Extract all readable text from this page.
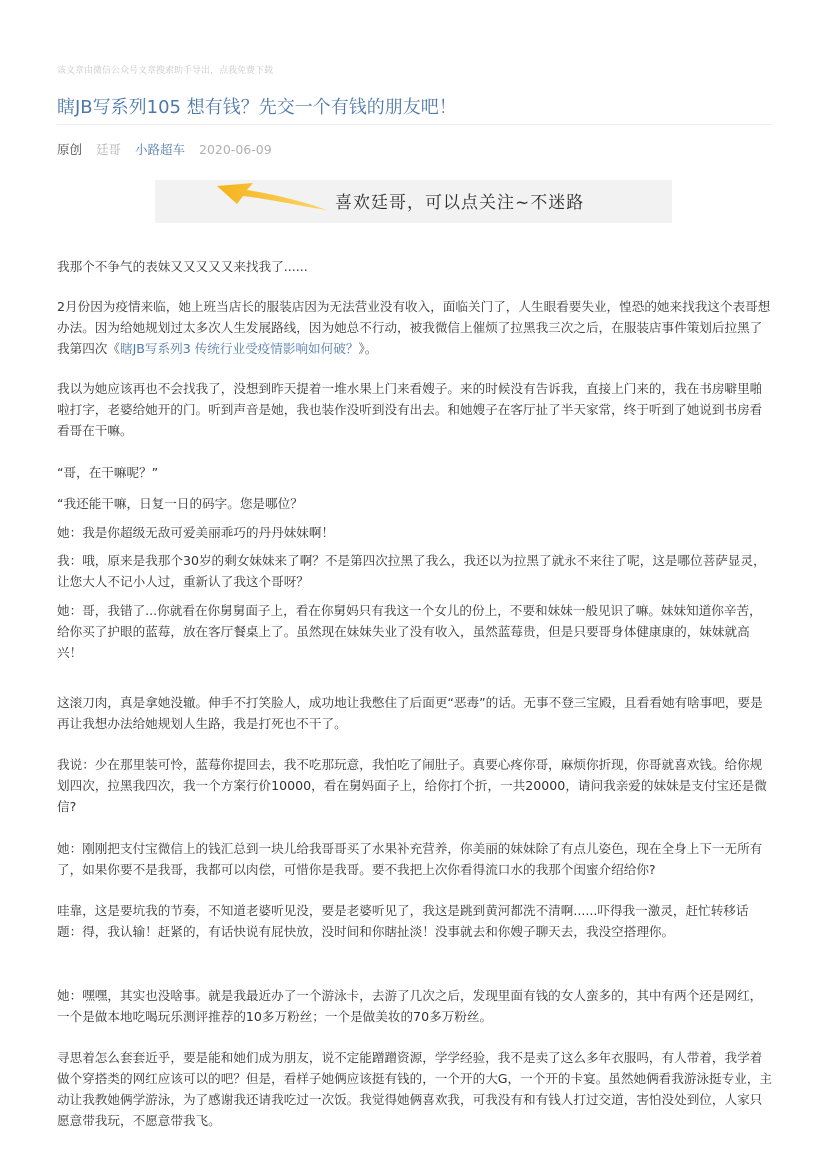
该文章由微信公众号文章搜索助手导出，点我免费下载
瞎JB写系列105 想有钱？先交一个有钱的朋友吧！
原创 廷哥 小路超车 2020-06-09
喜欢廷哥，可以点关注~不迷路

我那个不争气的表妹又又又又又来找我了......

2月份因为疫情来临，她上班当店长的服装店因为无法营业没有收入，面临关门了，人生眼看要失业，惶恐的她来找我这个表哥想办法。因为给她规划过太多次人生发展路线，因为她总不行动，被我微信上催烦了拉黑我三次之后，在服装店事件策划后拉黑了我第四次《瞎JB写系列3 传统行业受疫情影响如何破？》。

我以为她应该再也不会找我了，没想到昨天提着一堆水果上门来看嫂子。来的时候没有告诉我，直接上门来的，我在书房噼里啪啦打字，老婆给她开的门。听到声音是她，我也装作没听到没有出去。和她嫂子在客厅扯了半天家常，终于听到了她说到书房看看哥在干嘛。

“哥，在干嘛呢？”

“我还能干嘛，日复一日的码字。您是哪位？

她：我是你超级无敌可爱美丽乖巧的丹丹妹妹啊！

我：哦，原来是我那个30岁的剩女妹妹来了啊？不是第四次拉黑了我么，我还以为拉黑了就永不来往了呢，这是哪位菩萨显灵，让您大人不记小人过，重新认了我这个哥呀？

她：哥，我错了...你就看在你舅舅面子上，看在你舅妈只有我这一个女儿的份上，不要和妹妹一般见识了嘛。妹妹知道你辛苦，给你买了护眼的蓝莓，放在客厅餐桌上了。虽然现在妹妹失业了没有收入，虽然蓝莓贵，但是只要哥身体健康康的，妹妹就高兴！

这滚刀肉，真是拿她没辙。伸手不打笑脸人，成功地让我憋住了后面更“恶毒”的话。无事不登三宝殿，且看看她有啥事吧，要是再让我想办法给她规划人生路，我是打死也不干了。

我说：少在那里装可怜，蓝莓你提回去，我不吃那玩意，我怕吃了闹肚子。真要心疼你哥，麻烦你折现，你哥就喜欢钱。给你规划四次，拉黑我四次，我一个方案行价10000，看在舅妈面子上，给你打个折，一共20000，请问我亲爱的妹妹是支付宝还是微信?

她：刚刚把支付宝微信上的钱汇总到一块儿给我哥哥买了水果补充营养，你美丽的妹妹除了有点儿姿色，现在全身上下一无所有了，如果你要不是我哥，我都可以肉偿，可惜你是我哥。要不我把上次你看得流口水的我那个闺蜜介绍给你?

哇靠，这是要坑我的节奏，不知道老婆听见没，要是老婆听见了，我这是跳到黄河都洗不清啊......吓得我一激灵，赶忙转移话题：得，我认输！赶紧的，有话快说有屁快放，没时间和你瞎扯淡！没事就去和你嫂子聊天去，我没空搭理你。

她：嘿嘿，其实也没啥事。就是我最近办了一个游泳卡，去游了几次之后，发现里面有钱的女人蛮多的，其中有两个还是网红，一个是做本地吃喝玩乐测评推荐的10多万粉丝；一个是做美妆的70多万粉丝。

寻思着怎么套套近乎，要是能和她们成为朋友，说不定能蹭蹭资源，学学经验，我不是卖了这么多年衣服吗，有人带着，我学着做个穿搭类的网红应该可以的吧？但是，看样子她俩应该挺有钱的，一个开的大G，一个开的卡宴。虽然她俩看我游泳挺专业，主动让我教她俩学游泳，为了感谢我还请我吃过一次饭。我觉得她俩喜欢我，可我没有和有钱人打过交道，害怕没处到位，人家只愿意带我玩，不愿意带我飞。
